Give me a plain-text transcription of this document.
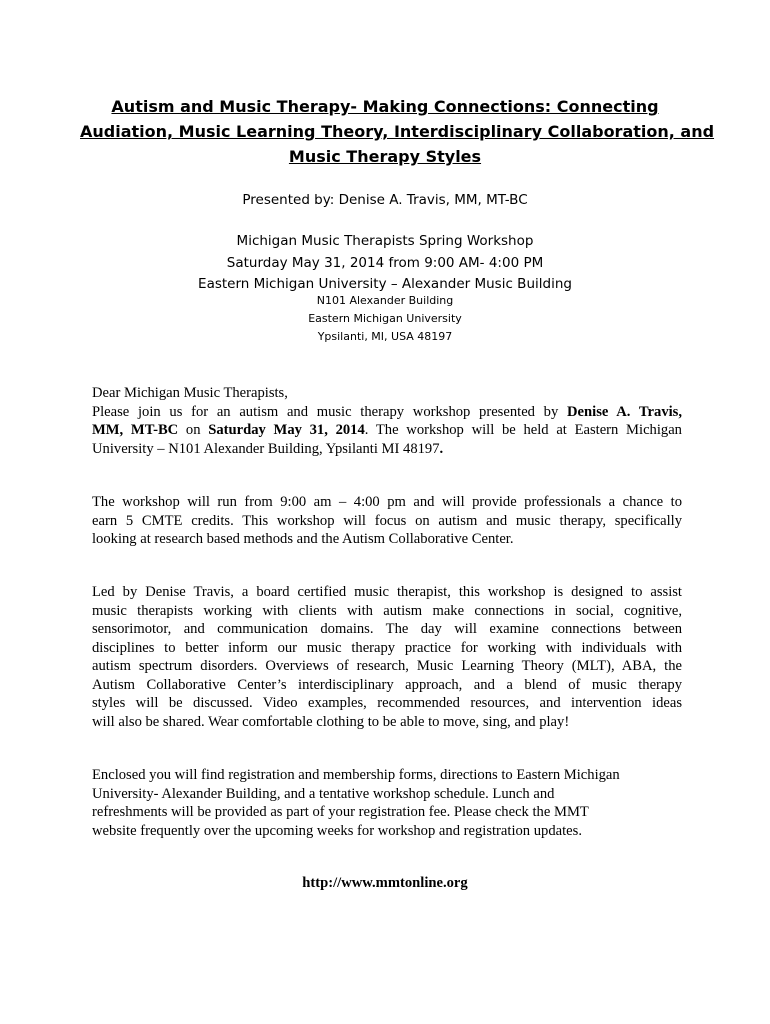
Autism and Music Therapy- Making Connections: Connecting
Audiation, Music Learning Theory, Interdisciplinary Collaboration, and
Music Therapy Styles
Presented by: Denise A. Travis, MM, MT-BC
Michigan Music Therapists Spring Workshop
Saturday May 31, 2014 from 9:00 AM- 4:00 PM
Eastern Michigan University – Alexander Music Building
N101 Alexander Building
Eastern Michigan University
Ypsilanti, MI, USA 48197
Dear Michigan Music Therapists,
Please join us for an autism and music therapy workshop presented by Denise A. Travis,
MM, MT-BC on Saturday May 31, 2014. The workshop will be held at Eastern Michigan
University – N101 Alexander Building, Ypsilanti MI 48197.
The workshop will run from 9:00 am – 4:00 pm and will provide professionals a chance to
earn 5 CMTE credits. This workshop will focus on autism and music therapy, specifically
looking at research based methods and the Autism Collaborative Center.
Led by Denise Travis, a board certified music therapist, this workshop is designed to assist
music therapists working with clients with autism make connections in social, cognitive,
sensorimotor, and communication domains. The day will examine connections between
disciplines to better inform our music therapy practice for working with individuals with
autism spectrum disorders. Overviews of research, Music Learning Theory (MLT), ABA, the
Autism Collaborative Center’s interdisciplinary approach, and a blend of music therapy
styles will be discussed. Video examples, recommended resources, and intervention ideas
will also be shared. Wear comfortable clothing to be able to move, sing, and play!
Enclosed you will find registration and membership forms, directions to Eastern Michigan
University- Alexander Building, and a tentative workshop schedule. Lunch and
refreshments will be provided as part of your registration fee. Please check the MMT
website frequently over the upcoming weeks for workshop and registration updates.
http://www.mmtonline.org
